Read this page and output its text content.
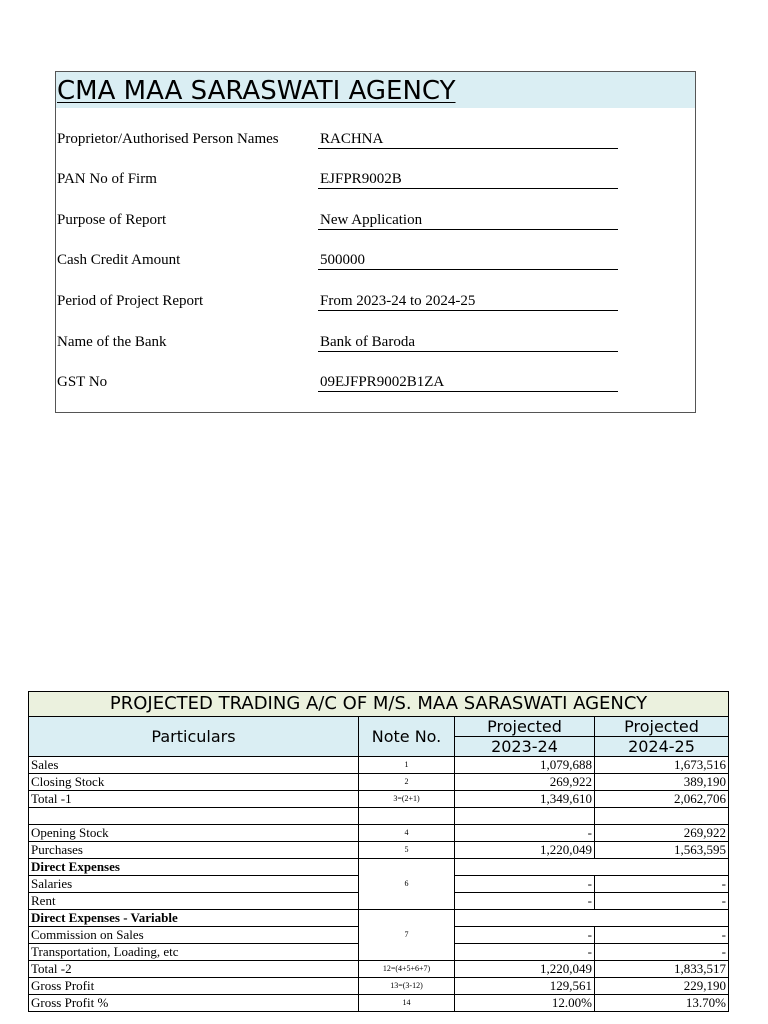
CMA MAA SARASWATI AGENCY
Proprietor/Authorised Person Names	RACHNA
PAN No of Firm	EJFPR9002B
Purpose of Report	New Application
Cash Credit Amount	500000
Period of Project Report	From 2023-24 to 2024-25
Name of the Bank	Bank of Baroda
GST No	09EJFPR9002B1ZA
PROJECTED TRADING A/C OF M/S. MAA SARASWATI AGENCY			
Particulars	Note No.	Projected	Projected
		2023-24	2024-25
Sales	1	1,079,688	1,673,516
Closing Stock	2	269,922	389,190
Total -1	3=(2+1)	1,349,610	2,062,706

Opening Stock	4	-	269,922
Purchases	5	1,220,049	1,563,595
Direct Expenses	6		
Salaries		-	-
Rent		-	-
Direct Expenses - Variable	7		
Commission on Sales		-	-
Transportation, Loading, etc		-	-
Total -2	12=(4+5+6+7)	1,220,049	1,833,517
Gross Profit	13=(3-12)	129,561	229,190
Gross Profit %	14	12.00%	13.70%
